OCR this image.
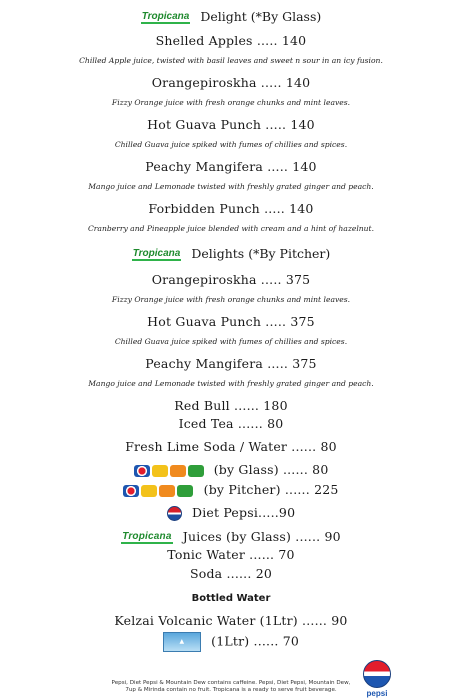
Tropicana Delight (*By Glass)
Shelled Apples ..... 140
Chilled Apple juice, twisted with basil leaves and sweet n sour in an icy fusion.
Orangepiroskha ..... 140
Fizzy Orange juice with fresh orange chunks and mint leaves.
Hot Guava Punch ..... 140
Chilled Guava juice spiked with fumes of chillies and spices.
Peachy Mangifera ..... 140
Mango juice and Lemonade twisted with freshly grated ginger and peach.
Forbidden Punch ..... 140
Cranberry and Pineapple juice blended with cream and a hint of hazelnut.
Tropicana Delights (*By Pitcher)
Orangepiroskha ..... 375
Fizzy Orange juice with fresh orange chunks and mint leaves.
Hot Guava Punch ..... 375
Chilled Guava juice spiked with fumes of chillies and spices.
Peachy Mangifera ..... 375
Mango juice and Lemonade twisted with freshly grated ginger and peach.
Red Bull ...... 180
Iced Tea ...... 80
Fresh Lime Soda / Water ...... 80
(by Glass) ...... 80
(by Pitcher) ...... 225
Diet Pepsi.....90
Tropicana Juices (by Glass) ...... 90
Tonic Water ...... 70
Soda ...... 20
Bottled Water
Kelzai Volcanic Water (1Ltr) ...... 90
▲ (1Ltr) ...... 70
Pepsi, Diet Pepsi & Mountain Dew contains caffeine. Pepsi, Diet Pepsi, Mountain Dew,
7up & Mirinda contain no fruit. Tropicana is a ready to serve fruit beverage.	pepsi
